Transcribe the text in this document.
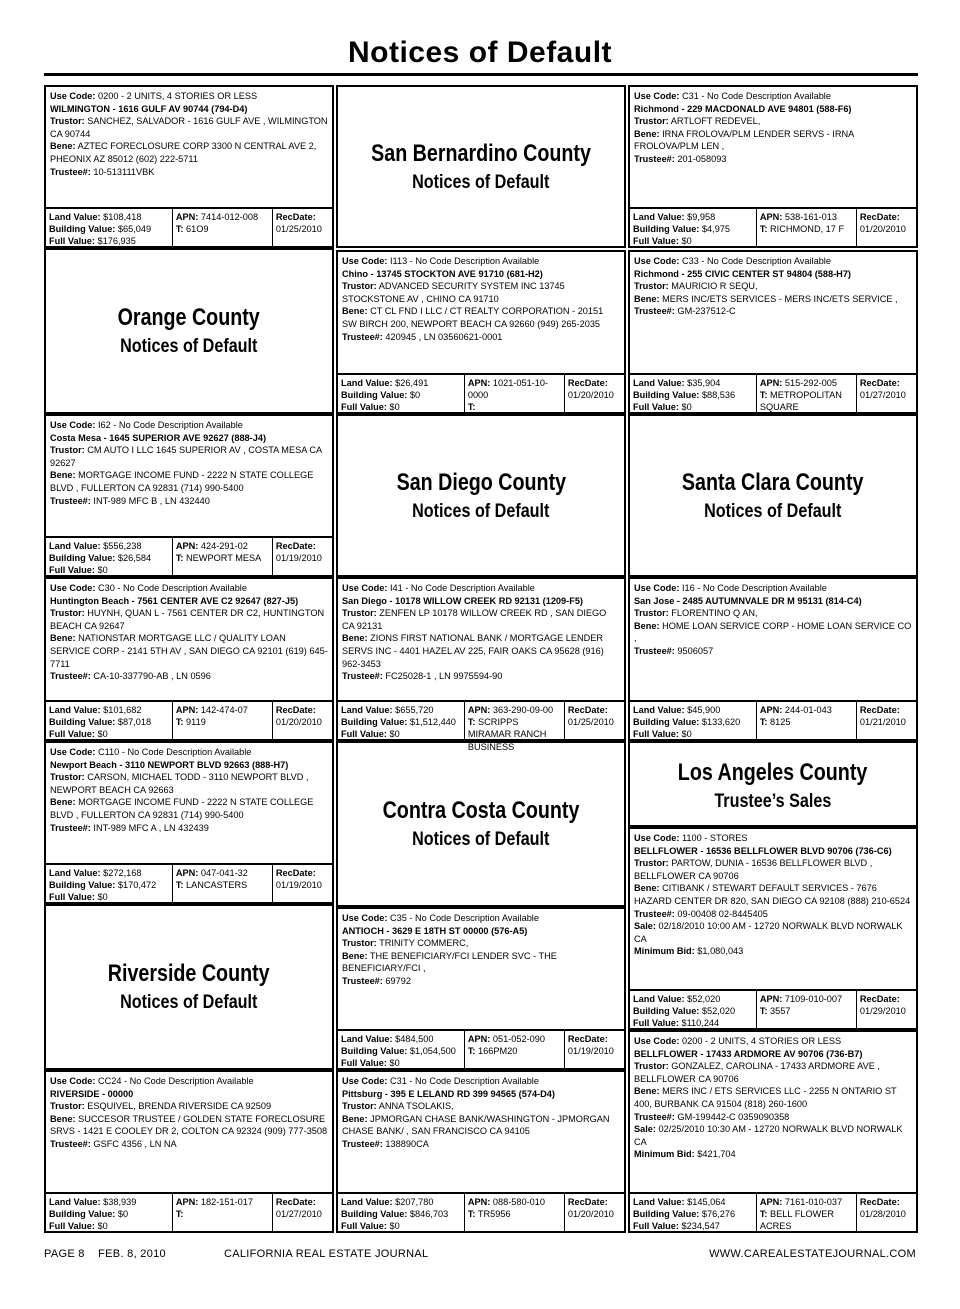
Notices of Default
Use Code: 0200 - 2 UNITS, 4 STORIES OR LESS
WILMINGTON - 1616 GULF AV 90744 (794-D4)
Trustor: SANCHEZ, SALVADOR - 1616 GULF AVE , WILMINGTON CA 90744
Bene: AZTEC FORECLOSURE CORP 3300 N CENTRAL AVE 2, PHEONIX AZ 85012 (602) 222-5711
Trustee#: 10-513111VBK
Land Value: $108,418
Building Value: $65,049
Full Value: $176,935
APN: 7414-012-008
T: 61O9
RecDate:
01/25/2010
Orange County
Notices of Default
Use Code: I62 - No Code Description Available
Costa Mesa - 1645 SUPERIOR AVE 92627 (888-J4)
Trustor: CM AUTO I LLC 1645 SUPERIOR AV , COSTA MESA CA 92627
Bene: MORTGAGE INCOME FUND - 2222 N STATE COLLEGE BLVD , FULLERTON CA 92831 (714) 990-5400
Trustee#: INT-989 MFC B , LN 432440
Land Value: $556,238
Building Value: $26,584
Full Value: $0
APN: 424-291-02
T: NEWPORT MESA
RecDate:
01/19/2010
Use Code: C30 - No Code Description Available
Huntington Beach - 7561 CENTER AVE C2 92647 (827-J5)
Trustor: HUYNH, QUAN L - 7561 CENTER DR C2, HUNTINGTON BEACH CA 92647
Bene: NATIONSTAR MORTGAGE LLC / QUALITY LOAN SERVICE CORP - 2141 5TH AV , SAN DIEGO CA 92101 (619) 645-7711
Trustee#: CA-10-337790-AB , LN 0596
Land Value: $101,682
Building Value: $87,018
Full Value: $0
APN: 142-474-07
T: 9119
RecDate:
01/20/2010
Use Code: C110 - No Code Description Available
Newport Beach - 3110 NEWPORT BLVD 92663 (888-H7)
Trustor: CARSON, MICHAEL TODD - 3110 NEWPORT BLVD , NEWPORT BEACH CA 92663
Bene: MORTGAGE INCOME FUND - 2222 N STATE COLLEGE BLVD , FULLERTON CA 92831 (714) 990-5400
Trustee#: INT-989 MFC A , LN 432439
Land Value: $272,168
Building Value: $170,472
Full Value: $0
APN: 047-041-32
T: LANCASTERS
RecDate:
01/19/2010
Riverside County
Notices of Default
Use Code: CC24 - No Code Description Available
RIVERSIDE - 00000
Trustor: ESQUIVEL, BRENDA RIVERSIDE CA 92509
Bene: SUCCESOR TRUSTEE / GOLDEN STATE FORECLOSURE SRVS - 1421 E COOLEY DR 2, COLTON CA 92324 (909) 777-3508
Trustee#: GSFC 4356 , LN NA
Land Value: $38,939
Building Value: $0
Full Value: $0
APN: 182-151-017
T:
RecDate:
01/27/2010
San Bernardino County
Notices of Default
Use Code: I113 - No Code Description Available
Chino - 13745 STOCKTON AVE 91710 (681-H2)
Trustor: ADVANCED SECURITY SYSTEM INC 13745 STOCKSTONE AV , CHINO CA 91710
Bene: CT CL FND I LLC / CT REALTY CORPORATION - 20151 SW BIRCH 200, NEWPORT BEACH CA 92660 (949) 265-2035
Trustee#: 420945 , LN 03560621-0001
Land Value: $26,491
Building Value: $0
Full Value: $0
APN: 1021-051-10-0000
T:
RecDate:
01/20/2010
San Diego County
Notices of Default
Use Code: I41 - No Code Description Available
San Diego - 10178 WILLOW CREEK RD 92131 (1209-F5)
Trustor: ZENFEN LP 10178 WILLOW CREEK RD , SAN DIEGO CA 92131
Bene: ZIONS FIRST NATIONAL BANK / MORTGAGE LENDER SERVS INC - 4401 HAZEL AV 225, FAIR OAKS CA 95628 (916) 962-3453
Trustee#: FC25028-1 , LN 9975594-90
Land Value: $655,720
Building Value: $1,512,440
Full Value: $0
APN: 363-290-09-00
T: SCRIPPS MIRAMAR RANCH BUSINESS
RecDate:
01/25/2010
Contra Costa County
Notices of Default
Use Code: C35 - No Code Description Available
ANTIOCH - 3629 E 18TH ST 00000 (576-A5)
Trustor: TRINITY COMMERC,
Bene: THE BENEFICIARY/FCI LENDER SVC - THE BENEFICIARY/FCI ,
Trustee#: 69792
Land Value: $484,500
Building Value: $1,054,500
Full Value: $0
APN: 051-052-090
T: 166PM20
RecDate:
01/19/2010
Use Code: C31 - No Code Description Available
Pittsburg - 395 E LELAND RD 399 94565 (574-D4)
Trustor: ANNA TSOLAKIS,
Bene: JPMORGAN CHASE BANK/WASHINGTON - JPMORGAN CHASE BANK/ , SAN FRANCISCO CA 94105
Trustee#: 138890CA
Land Value: $207,780
Building Value: $846,703
Full Value: $0
APN: 088-580-010
T: TR5956
RecDate:
01/20/2010
Use Code: C31 - No Code Description Available
Richmond - 229 MACDONALD AVE 94801 (588-F6)
Trustor: ARTLOFT REDEVEL,
Bene: IRNA FROLOVA/PLM LENDER SERVS - IRNA FROLOVA/PLM LEN ,
Trustee#: 201-058093
Land Value: $9,958
Building Value: $4,975
Full Value: $0
APN: 538-161-013
T: RICHMOND, 17 F
RecDate:
01/20/2010
Use Code: C33 - No Code Description Available
Richmond - 255 CIVIC CENTER ST 94804 (588-H7)
Trustor: MAURICIO R SEQU,
Bene: MERS INC/ETS SERVICES - MERS INC/ETS SERVICE ,
Trustee#: GM-237512-C
Land Value: $35,904
Building Value: $88,536
Full Value: $0
APN: 515-292-005
T: METROPOLITAN SQUARE
RecDate:
01/27/2010
Santa Clara County
Notices of Default
Use Code: I16 - No Code Description Available
San Jose - 2485 AUTUMNVALE DR M 95131 (814-C4)
Trustor: FLORENTINO Q AN,
Bene: HOME LOAN SERVICE CORP - HOME LOAN SERVICE CO ,
Trustee#: 9506057
Land Value: $45,900
Building Value: $133,620
Full Value: $0
APN: 244-01-043
T: 8125
RecDate:
01/21/2010
Los Angeles County
Trustee’s Sales
Use Code: 1100 - STORES
BELLFLOWER - 16536 BELLFLOWER BLVD 90706 (736-C6)
Trustor: PARTOW, DUNIA - 16536 BELLFLOWER BLVD , BELLFLOWER CA 90706
Bene: CITIBANK / STEWART DEFAULT SERVICES - 7676 HAZARD CENTER DR 820, SAN DIEGO CA 92108 (888) 210-6524
Trustee#: 09-00408 02-8445405
Sale: 02/18/2010 10:00 AM - 12720 NORWALK BLVD NORWALK CA
Minimum Bid: $1,080,043
Land Value: $52,020
Building Value: $52,020
Full Value: $110,244
APN: 7109-010-007
T: 3557
RecDate:
01/29/2010
Use Code: 0200 - 2 UNITS, 4 STORIES OR LESS
BELLFLOWER - 17433 ARDMORE AV 90706 (736-B7)
Trustor: GONZALEZ, CAROLINA - 17433 ARDMORE AVE , BELLFLOWER CA 90706
Bene: MERS INC / ETS SERVICES LLC - 2255 N ONTARIO ST 400, BURBANK CA 91504 (818) 260-1600
Trustee#: GM-199442-C 0359090358
Sale: 02/25/2010 10:30 AM - 12720 NORWALK BLVD NORWALK CA
Minimum Bid: $421,704
Land Value: $145,064
Building Value: $76,276
Full Value: $234,547
APN: 7161-010-037
T: BELL FLOWER ACRES
RecDate:
01/28/2010
PAGE 8    FEB. 8, 2010	CALIFORNIA REAL ESTATE JOURNAL	WWW.CAREALESTATEJOURNAL.COM
